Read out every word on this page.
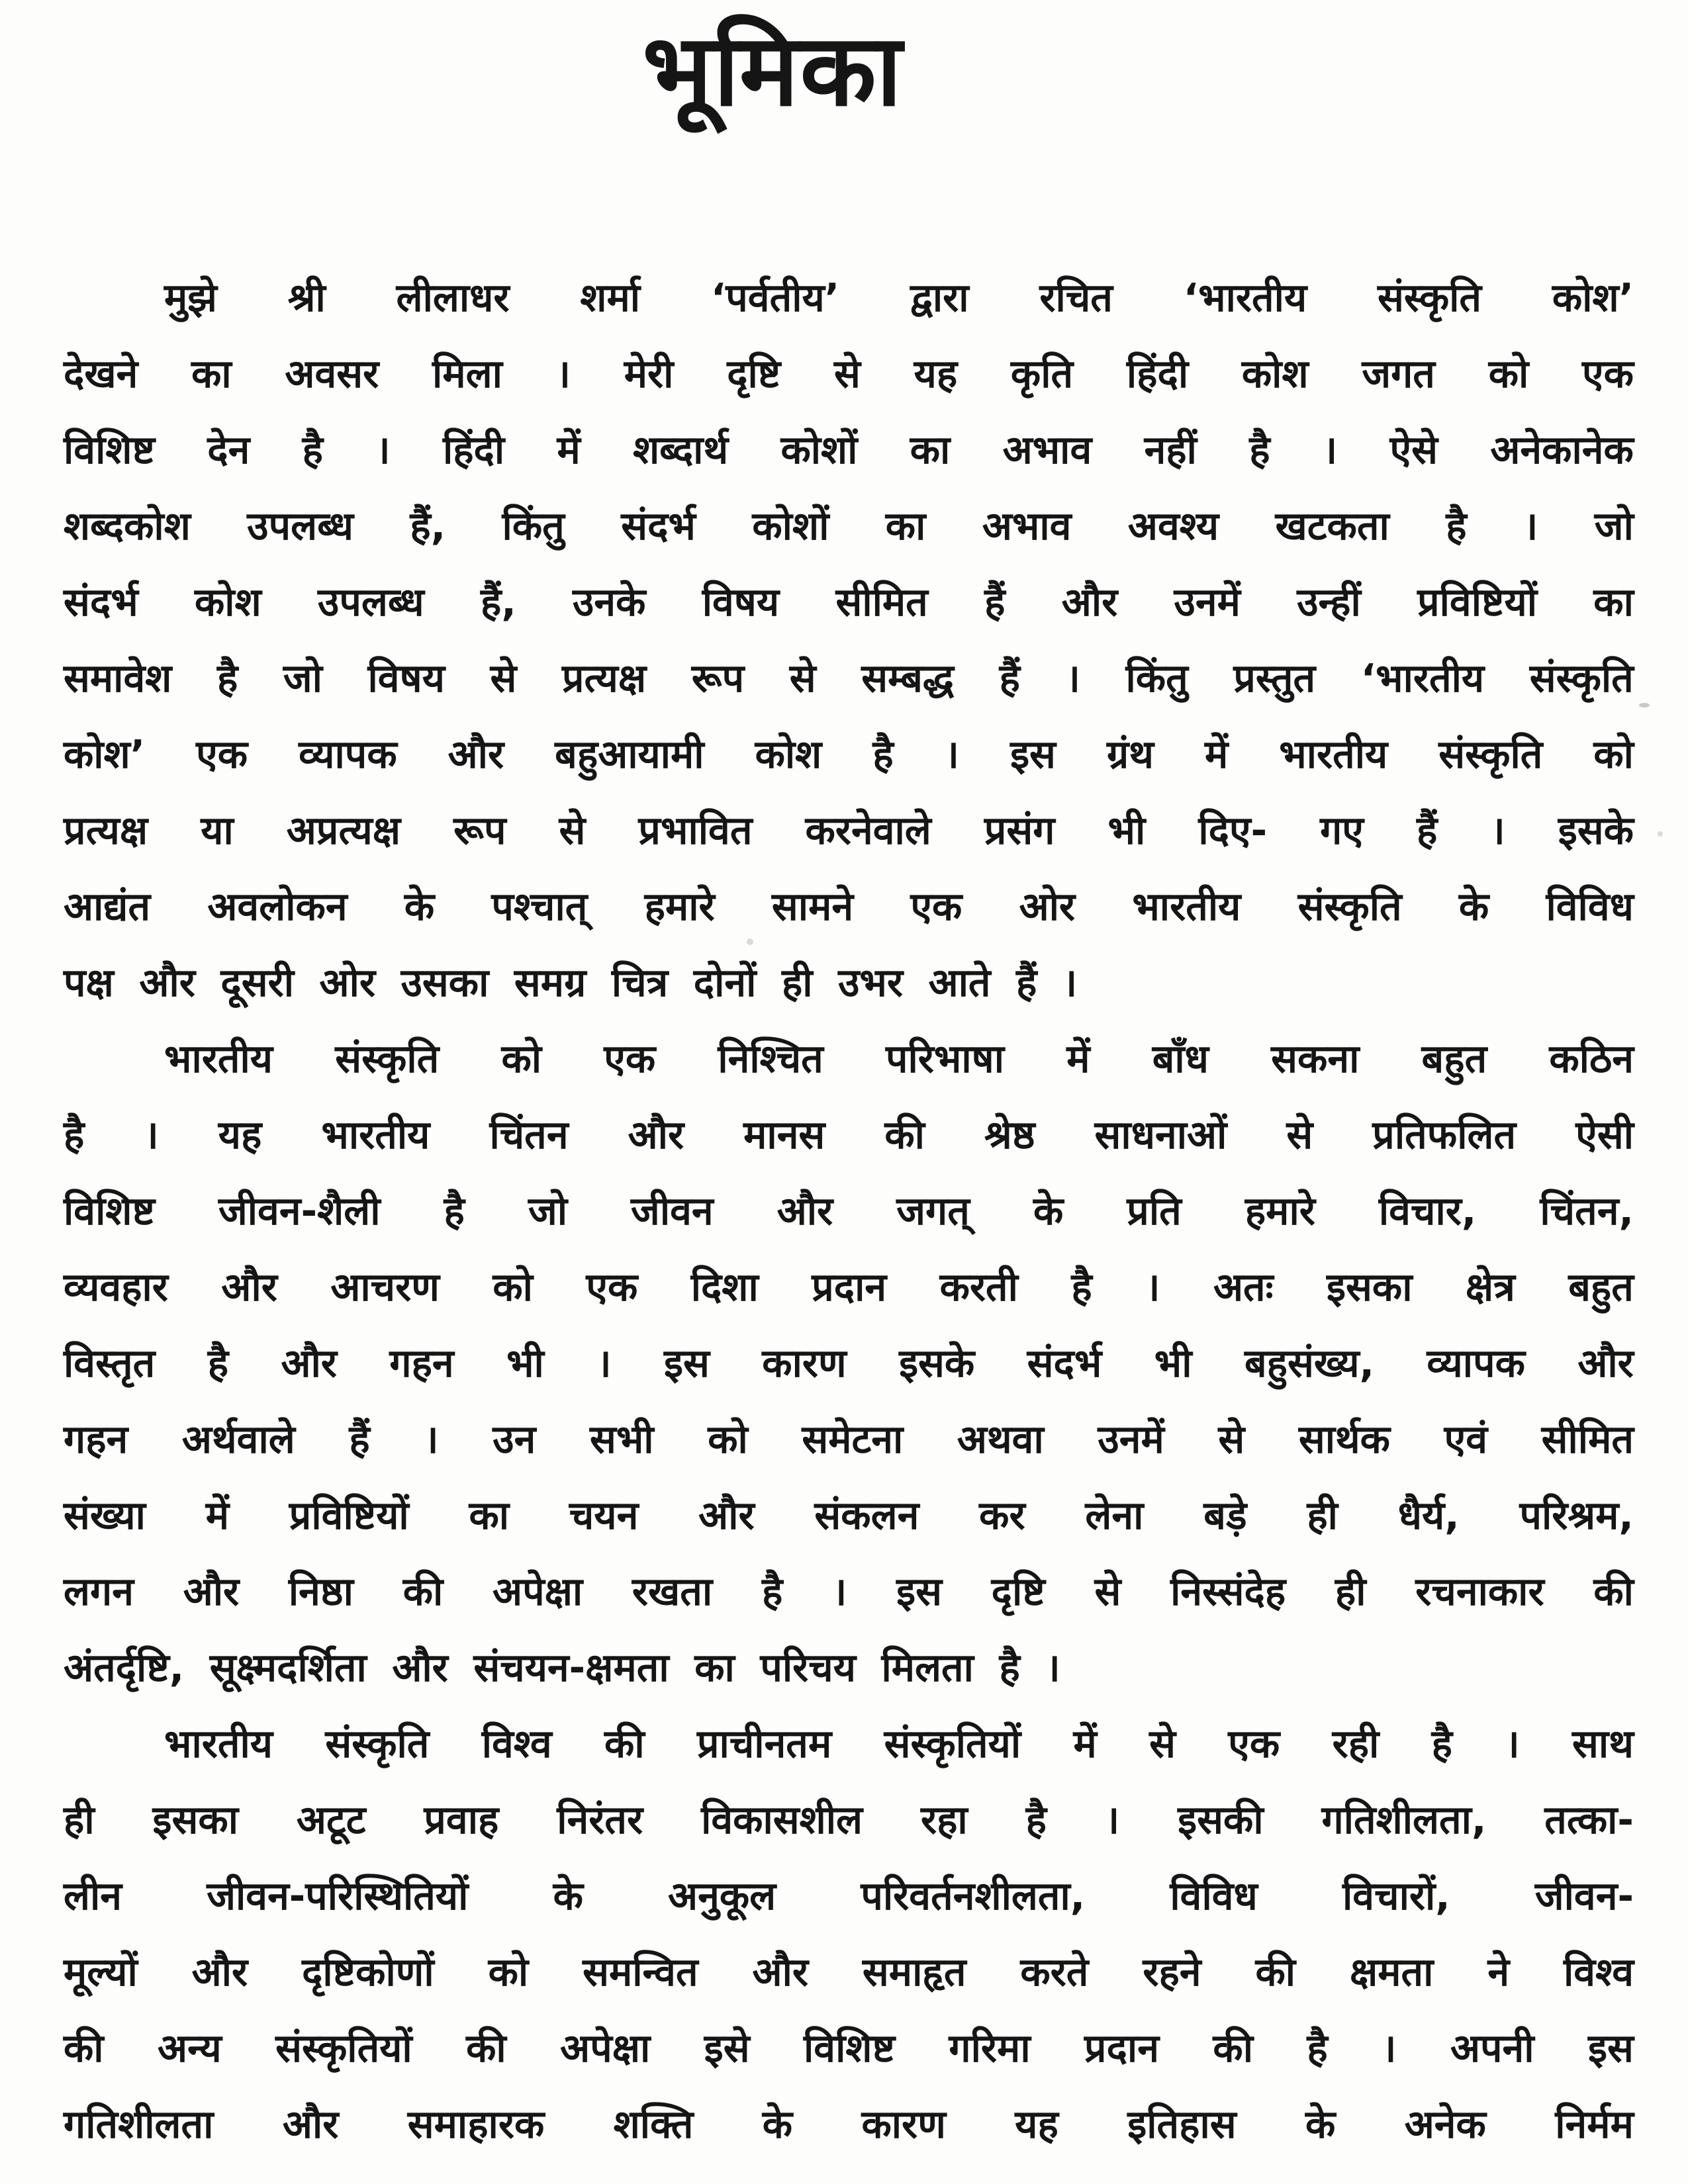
भूमिका
मुझे श्री लीलाधर शर्मा ‘पर्वतीय’ द्वारा रचित ‘भारतीय संस्कृति कोश’
देखने का अवसर मिला । मेरी दृष्टि से यह कृति हिंदी कोश जगत को एक
विशिष्ट देन है । हिंदी में शब्दार्थ कोशों का अभाव नहीं है । ऐसे अनेकानेक
शब्दकोश उपलब्ध हैं, किंतु संदर्भ कोशों का अभाव अवश्य खटकता है । जो
संदर्भ कोश उपलब्ध हैं, उनके विषय सीमित हैं और उनमें उन्हीं प्रविष्टियों का
समावेश है जो विषय से प्रत्यक्ष रूप से सम्बद्ध हैं । किंतु प्रस्तुत ‘भारतीय संस्कृति
कोश’ एक व्यापक और बहुआयामी कोश है । इस ग्रंथ में भारतीय संस्कृति को
प्रत्यक्ष या अप्रत्यक्ष रूप से प्रभावित करनेवाले प्रसंग भी दिए- गए हैं । इसके
आद्यंत अवलोकन के पश्चात् हमारे सामने एक ओर भारतीय संस्कृति के विविध
पक्ष और दूसरी ओर उसका समग्र चित्र दोनों ही उभर आते हैं ।
भारतीय संस्कृति को एक निश्चित परिभाषा में बाँध सकना बहुत कठिन
है । यह भारतीय चिंतन और मानस की श्रेष्ठ साधनाओं से प्रतिफलित ऐसी
विशिष्ट जीवन-शैली है जो जीवन और जगत् के प्रति हमारे विचार, चिंतन,
व्यवहार और आचरण को एक दिशा प्रदान करती है । अतः इसका क्षेत्र बहुत
विस्तृत है और गहन भी । इस कारण इसके संदर्भ भी बहुसंख्य, व्यापक और
गहन अर्थवाले हैं । उन सभी को समेटना अथवा उनमें से सार्थक एवं सीमित
संख्या में प्रविष्टियों का चयन और संकलन कर लेना बड़े ही धैर्य, परिश्रम,
लगन और निष्ठा की अपेक्षा रखता है । इस दृष्टि से निस्संदेह ही रचनाकार की
अंतर्दृष्टि, सूक्ष्मदर्शिता और संचयन-क्षमता का परिचय मिलता है ।
भारतीय संस्कृति विश्व की प्राचीनतम संस्कृतियों में से एक रही है । साथ
ही इसका अटूट प्रवाह निरंतर विकासशील रहा है । इसकी गतिशीलता, तत्का-
लीन जीवन-परिस्थितियों के अनुकूल परिवर्तनशीलता, विविध विचारों, जीवन-
मूल्यों और दृष्टिकोणों को समन्वित और समाहृत करते रहने की क्षमता ने विश्व
की अन्य संस्कृतियों की अपेक्षा इसे विशिष्ट गरिमा प्रदान की है । अपनी इस
गतिशीलता और समाहारक शक्ति के कारण यह इतिहास के अनेक निर्मम
